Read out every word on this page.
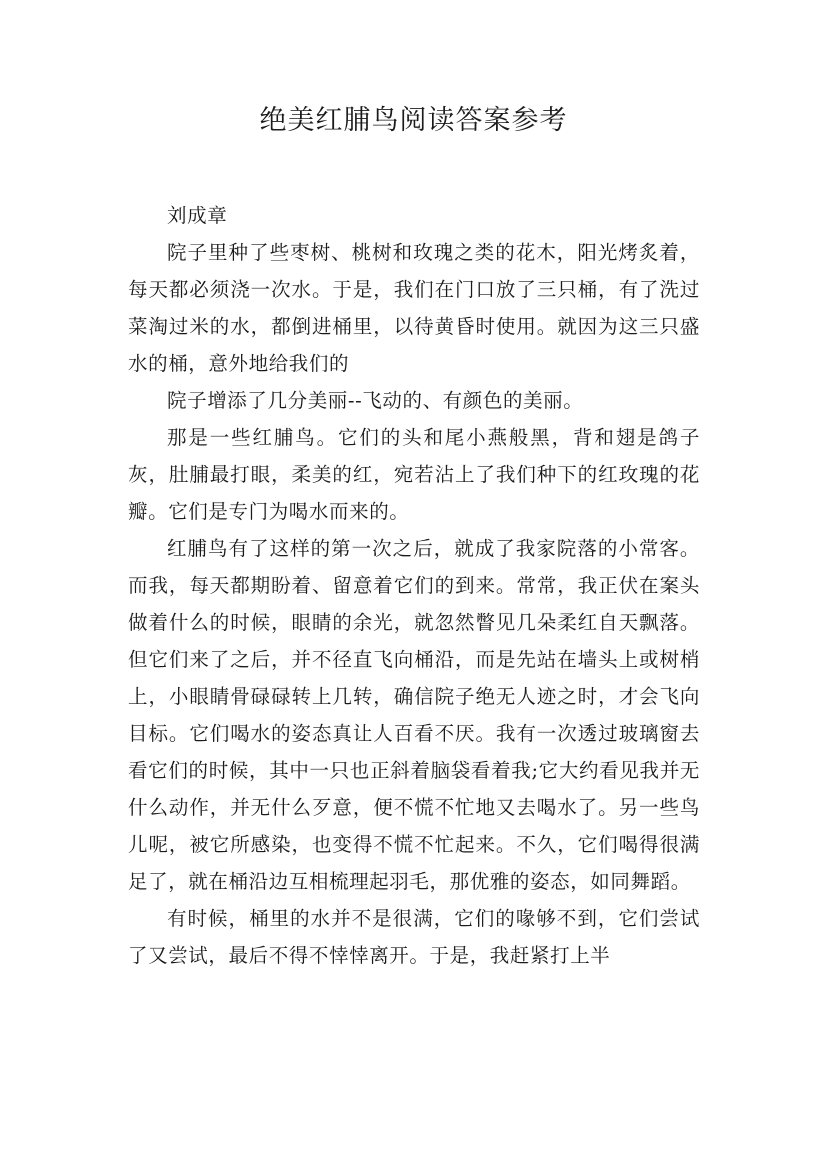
绝美红脯鸟阅读答案参考

刘成章

院子里种了些枣树、桃树和玫瑰之类的花木，阳光烤炙着，每天都必须浇一次水。于是，我们在门口放了三只桶，有了洗过菜淘过米的水，都倒进桶里，以待黄昏时使用。就因为这三只盛水的桶，意外地给我们的

院子增添了几分美丽--飞动的、有颜色的美丽。

那是一些红脯鸟。它们的头和尾小燕般黑，背和翅是鸽子灰，肚脯最打眼，柔美的红，宛若沾上了我们种下的红玫瑰的花瓣。它们是专门为喝水而来的。

红脯鸟有了这样的第一次之后，就成了我家院落的小常客。而我，每天都期盼着、留意着它们的到来。常常，我正伏在案头做着什么的时候，眼睛的余光，就忽然瞥见几朵柔红自天飘落。但它们来了之后，并不径直飞向桶沿，而是先站在墙头上或树梢上，小眼睛骨碌碌转上几转，确信院子绝无人迹之时，才会飞向目标。它们喝水的姿态真让人百看不厌。我有一次透过玻璃窗去看它们的时候，其中一只也正斜着脑袋看着我;它大约看见我并无什么动作，并无什么歹意，便不慌不忙地又去喝水了。另一些鸟儿呢，被它所感染，也变得不慌不忙起来。不久，它们喝得很满足了，就在桶沿边互相梳理起羽毛，那优雅的姿态，如同舞蹈。

有时候，桶里的水并不是很满，它们的喙够不到，它们尝试了又尝试，最后不得不悻悻离开。于是，我赶紧打上半
